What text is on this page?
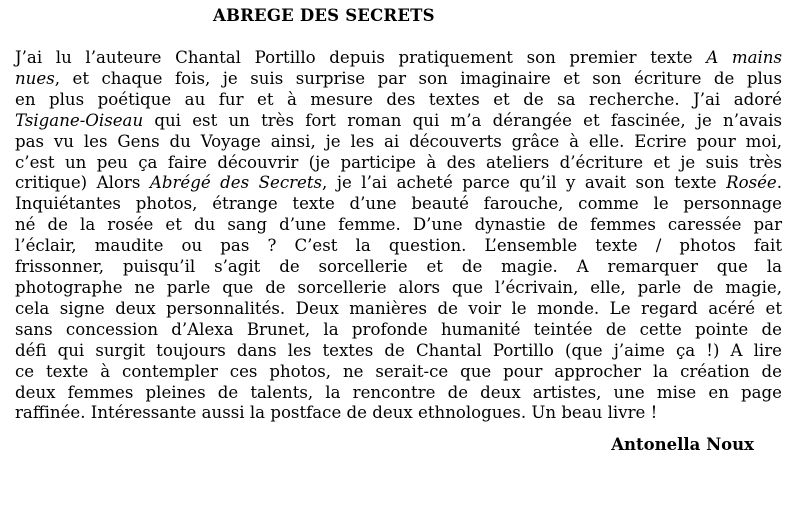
ABREGE DES SECRETS
J’ai lu l’auteure Chantal Portillo depuis pratiquement son premier texte A mains
nues, et chaque fois, je suis surprise par son imaginaire et son écriture de plus
en plus poétique au fur et à mesure des textes et de sa recherche. J’ai adoré
Tsigane-Oiseau qui est un très fort roman qui m’a dérangée et fascinée, je n’avais
pas vu les Gens du Voyage ainsi, je les ai découverts grâce à elle. Ecrire pour moi,
c’est un peu ça faire découvrir (je participe à des ateliers d’écriture et je suis très
critique) Alors Abrégé des Secrets, je l’ai acheté parce qu’il y avait son texte Rosée.
Inquiétantes photos, étrange texte d’une beauté farouche, comme le personnage
né de la rosée et du sang d’une femme. D’une dynastie de femmes caressée par
l’éclair, maudite ou pas ? C’est la question. L’ensemble texte / photos fait
frissonner, puisqu’il s’agit de sorcellerie et de magie. A remarquer que la
photographe ne parle que de sorcellerie alors que l’écrivain, elle, parle de magie,
cela signe deux personnalités. Deux manières de voir le monde. Le regard acéré et
sans concession d’Alexa Brunet, la profonde humanité teintée de cette pointe de
défi qui surgit toujours dans les textes de Chantal Portillo (que j’aime ça !) A lire
ce texte à contempler ces photos, ne serait-ce que pour approcher la création de
deux femmes pleines de talents, la rencontre de deux artistes, une mise en page
raffinée. Intéressante aussi la postface de deux ethnologues. Un beau livre !
Antonella Noux
